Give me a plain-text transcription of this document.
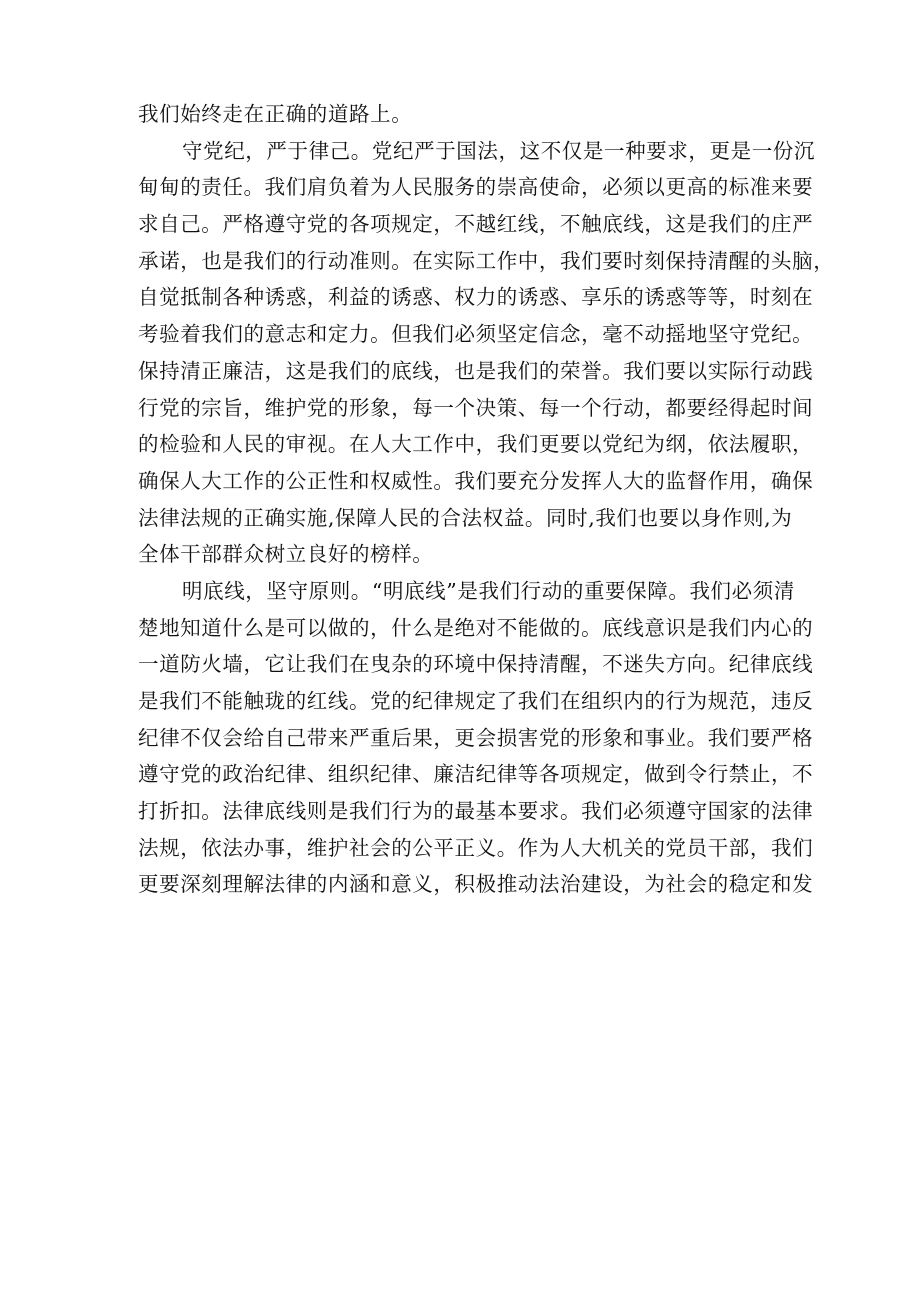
我们始终走在正确的道路上。
守党纪，严于律己。党纪严于国法，这不仅是一种要求，更是一份沉
甸甸的责任。我们肩负着为人民服务的崇高使命，必须以更高的标准来要
求自己。严格遵守党的各项规定，不越红线，不触底线，这是我们的庄严
承诺，也是我们的行动准则。在实际工作中，我们要时刻保持清醒的头脑，
自觉抵制各种诱惑，利益的诱惑、权力的诱惑、享乐的诱惑等等，时刻在
考验着我们的意志和定力。但我们必须坚定信念，毫不动摇地坚守党纪。
保持清正廉洁，这是我们的底线，也是我们的荣誉。我们要以实际行动践
行党的宗旨，维护党的形象，每一个决策、每一个行动，都要经得起时间
的检验和人民的审视。在人大工作中，我们更要以党纪为纲，依法履职，
确保人大工作的公正性和权威性。我们要充分发挥人大的监督作用，确保
法律法规的正确实施,保障人民的合法权益。同时,我们也要以身作则,为
全体干部群众树立良好的榜样。
明底线，坚守原则。“明底线”是我们行动的重要保障。我们必须清
楚地知道什么是可以做的，什么是绝对不能做的。底线意识是我们内心的
一道防火墙，它让我们在曳杂的环境中保持清醒，不迷失方向。纪律底线
是我们不能触珑的红线。党的纪律规定了我们在组织内的行为规范，违反
纪律不仅会给自己带来严重后果，更会损害党的形象和事业。我们要严格
遵守党的政治纪律、组织纪律、廉洁纪律等各项规定，做到令行禁止，不
打折扣。法律底线则是我们行为的最基本要求。我们必须遵守国家的法律
法规，依法办事，维护社会的公平正义。作为人大机关的党员干部，我们
更要深刻理解法律的内涵和意义，积极推动法治建设，为社会的稳定和发
